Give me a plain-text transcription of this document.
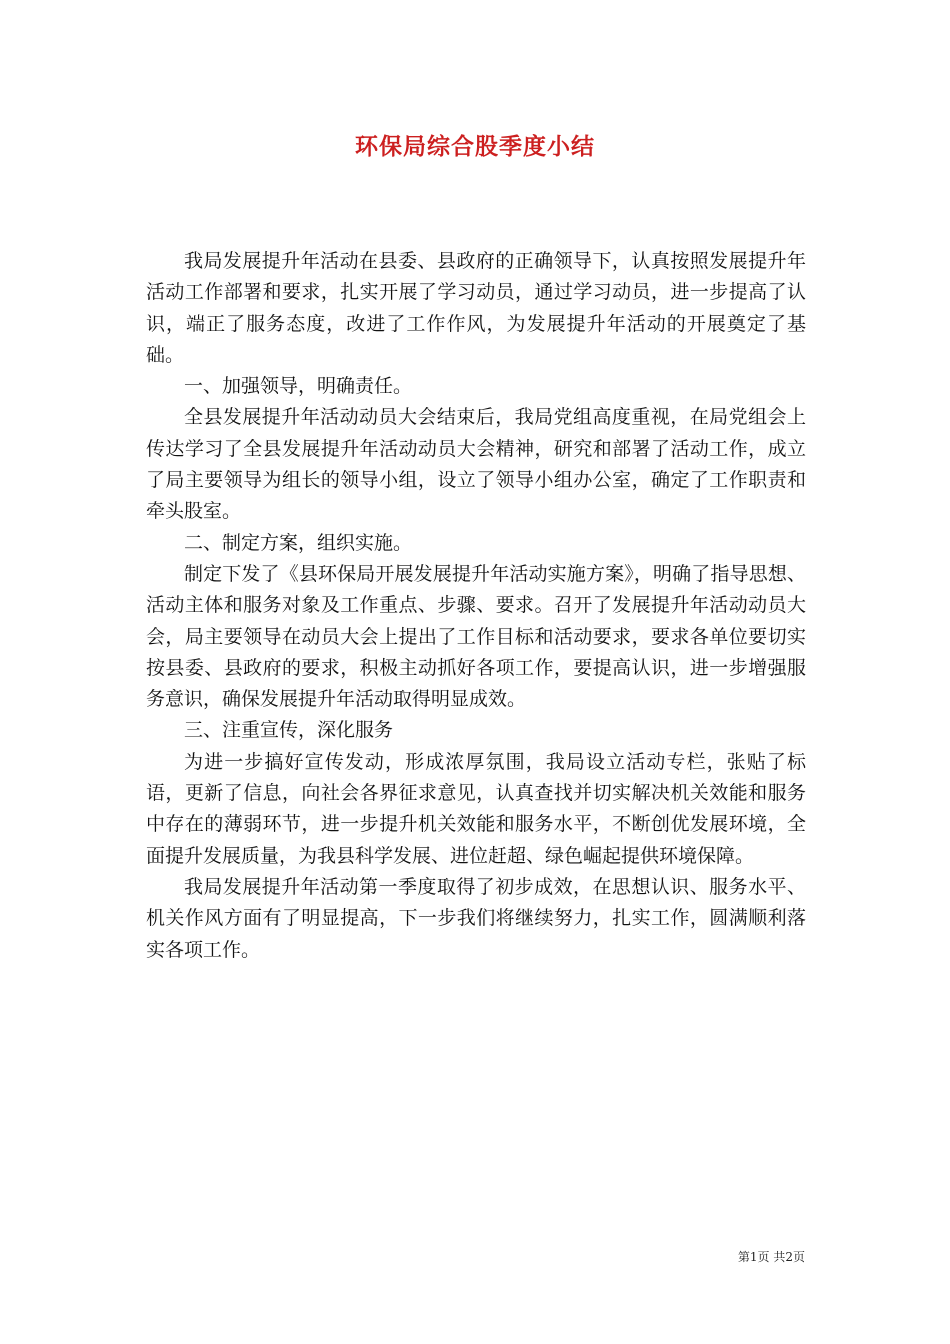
环保局综合股季度小结

我局发展提升年活动在县委、县政府的正确领导下，认真按照发展提升年活动工作部署和要求，扎实开展了学习动员，通过学习动员，进一步提高了认识，端正了服务态度，改进了工作作风，为发展提升年活动的开展奠定了基础。

一、加强领导，明确责任。

全县发展提升年活动动员大会结束后，我局党组高度重视，在局党组会上传达学习了全县发展提升年活动动员大会精神，研究和部署了活动工作，成立了局主要领导为组长的领导小组，设立了领导小组办公室，确定了工作职责和牵头股室。

二、制定方案，组织实施。

制定下发了《县环保局开展发展提升年活动实施方案》，明确了指导思想、活动主体和服务对象及工作重点、步骤、要求。召开了发展提升年活动动员大会，局主要领导在动员大会上提出了工作目标和活动要求，要求各单位要切实按县委、县政府的要求，积极主动抓好各项工作，要提高认识，进一步增强服务意识，确保发展提升年活动取得明显成效。

三、注重宣传，深化服务

为进一步搞好宣传发动，形成浓厚氛围，我局设立活动专栏，张贴了标语，更新了信息，向社会各界征求意见，认真查找并切实解决机关效能和服务中存在的薄弱环节，进一步提升机关效能和服务水平，不断创优发展环境，全面提升发展质量，为我县科学发展、进位赶超、绿色崛起提供环境保障。

我局发展提升年活动第一季度取得了初步成效，在思想认识、服务水平、机关作风方面有了明显提高，下一步我们将继续努力，扎实工作，圆满顺利落实各项工作。

第1页 共2页
